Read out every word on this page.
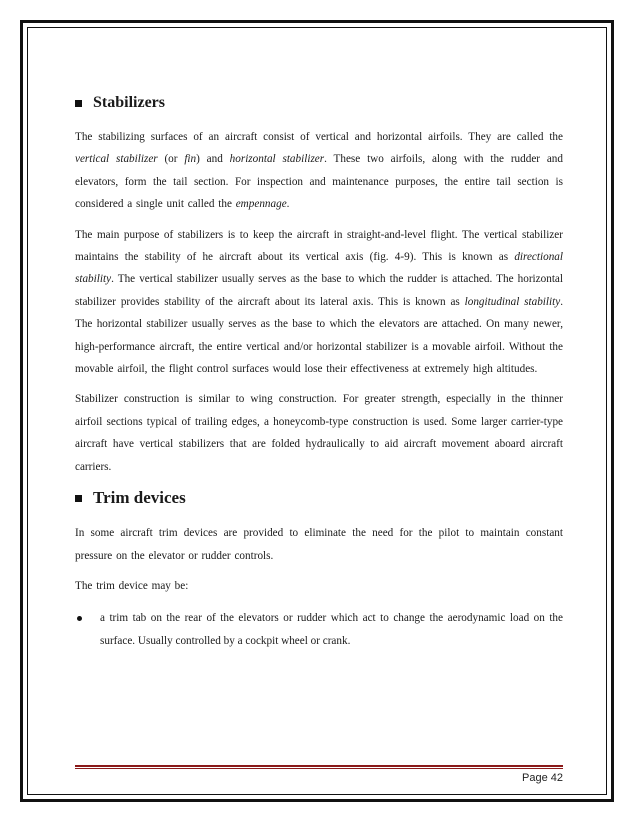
Stabilizers

The stabilizing surfaces of an aircraft consist of vertical and horizontal airfoils. They are called the vertical stabilizer (or fin) and horizontal stabilizer. These two airfoils, along with the rudder and elevators, form the tail section. For inspection and maintenance purposes, the entire tail section is considered a single unit called the empennage.

The main purpose of stabilizers is to keep the aircraft in straight-and-level flight. The vertical stabilizer maintains the stability of he aircraft about its vertical axis (fig. 4-9). This is known as directional stability. The vertical stabilizer usually serves as the base to which the rudder is attached. The horizontal stabilizer provides stability of the aircraft about its lateral axis. This is known as longitudinal stability. The horizontal stabilizer usually serves as the base to which the elevators are attached. On many newer, high-performance aircraft, the entire vertical and/or horizontal stabilizer is a movable airfoil. Without the movable airfoil, the flight control surfaces would lose their effectiveness at extremely high altitudes.

Stabilizer construction is similar to wing construction. For greater strength, especially in the thinner airfoil sections typical of trailing edges, a honeycomb-type construction is used. Some larger carrier-type aircraft have vertical stabilizers that are folded hydraulically to aid aircraft movement aboard aircraft carriers.

Trim devices

In some aircraft trim devices are provided to eliminate the need for the pilot to maintain constant pressure on the elevator or rudder controls.

The trim device may be:

a trim tab on the rear of the elevators or rudder which act to change the aerodynamic load on the surface. Usually controlled by a cockpit wheel or crank.
Page 42
